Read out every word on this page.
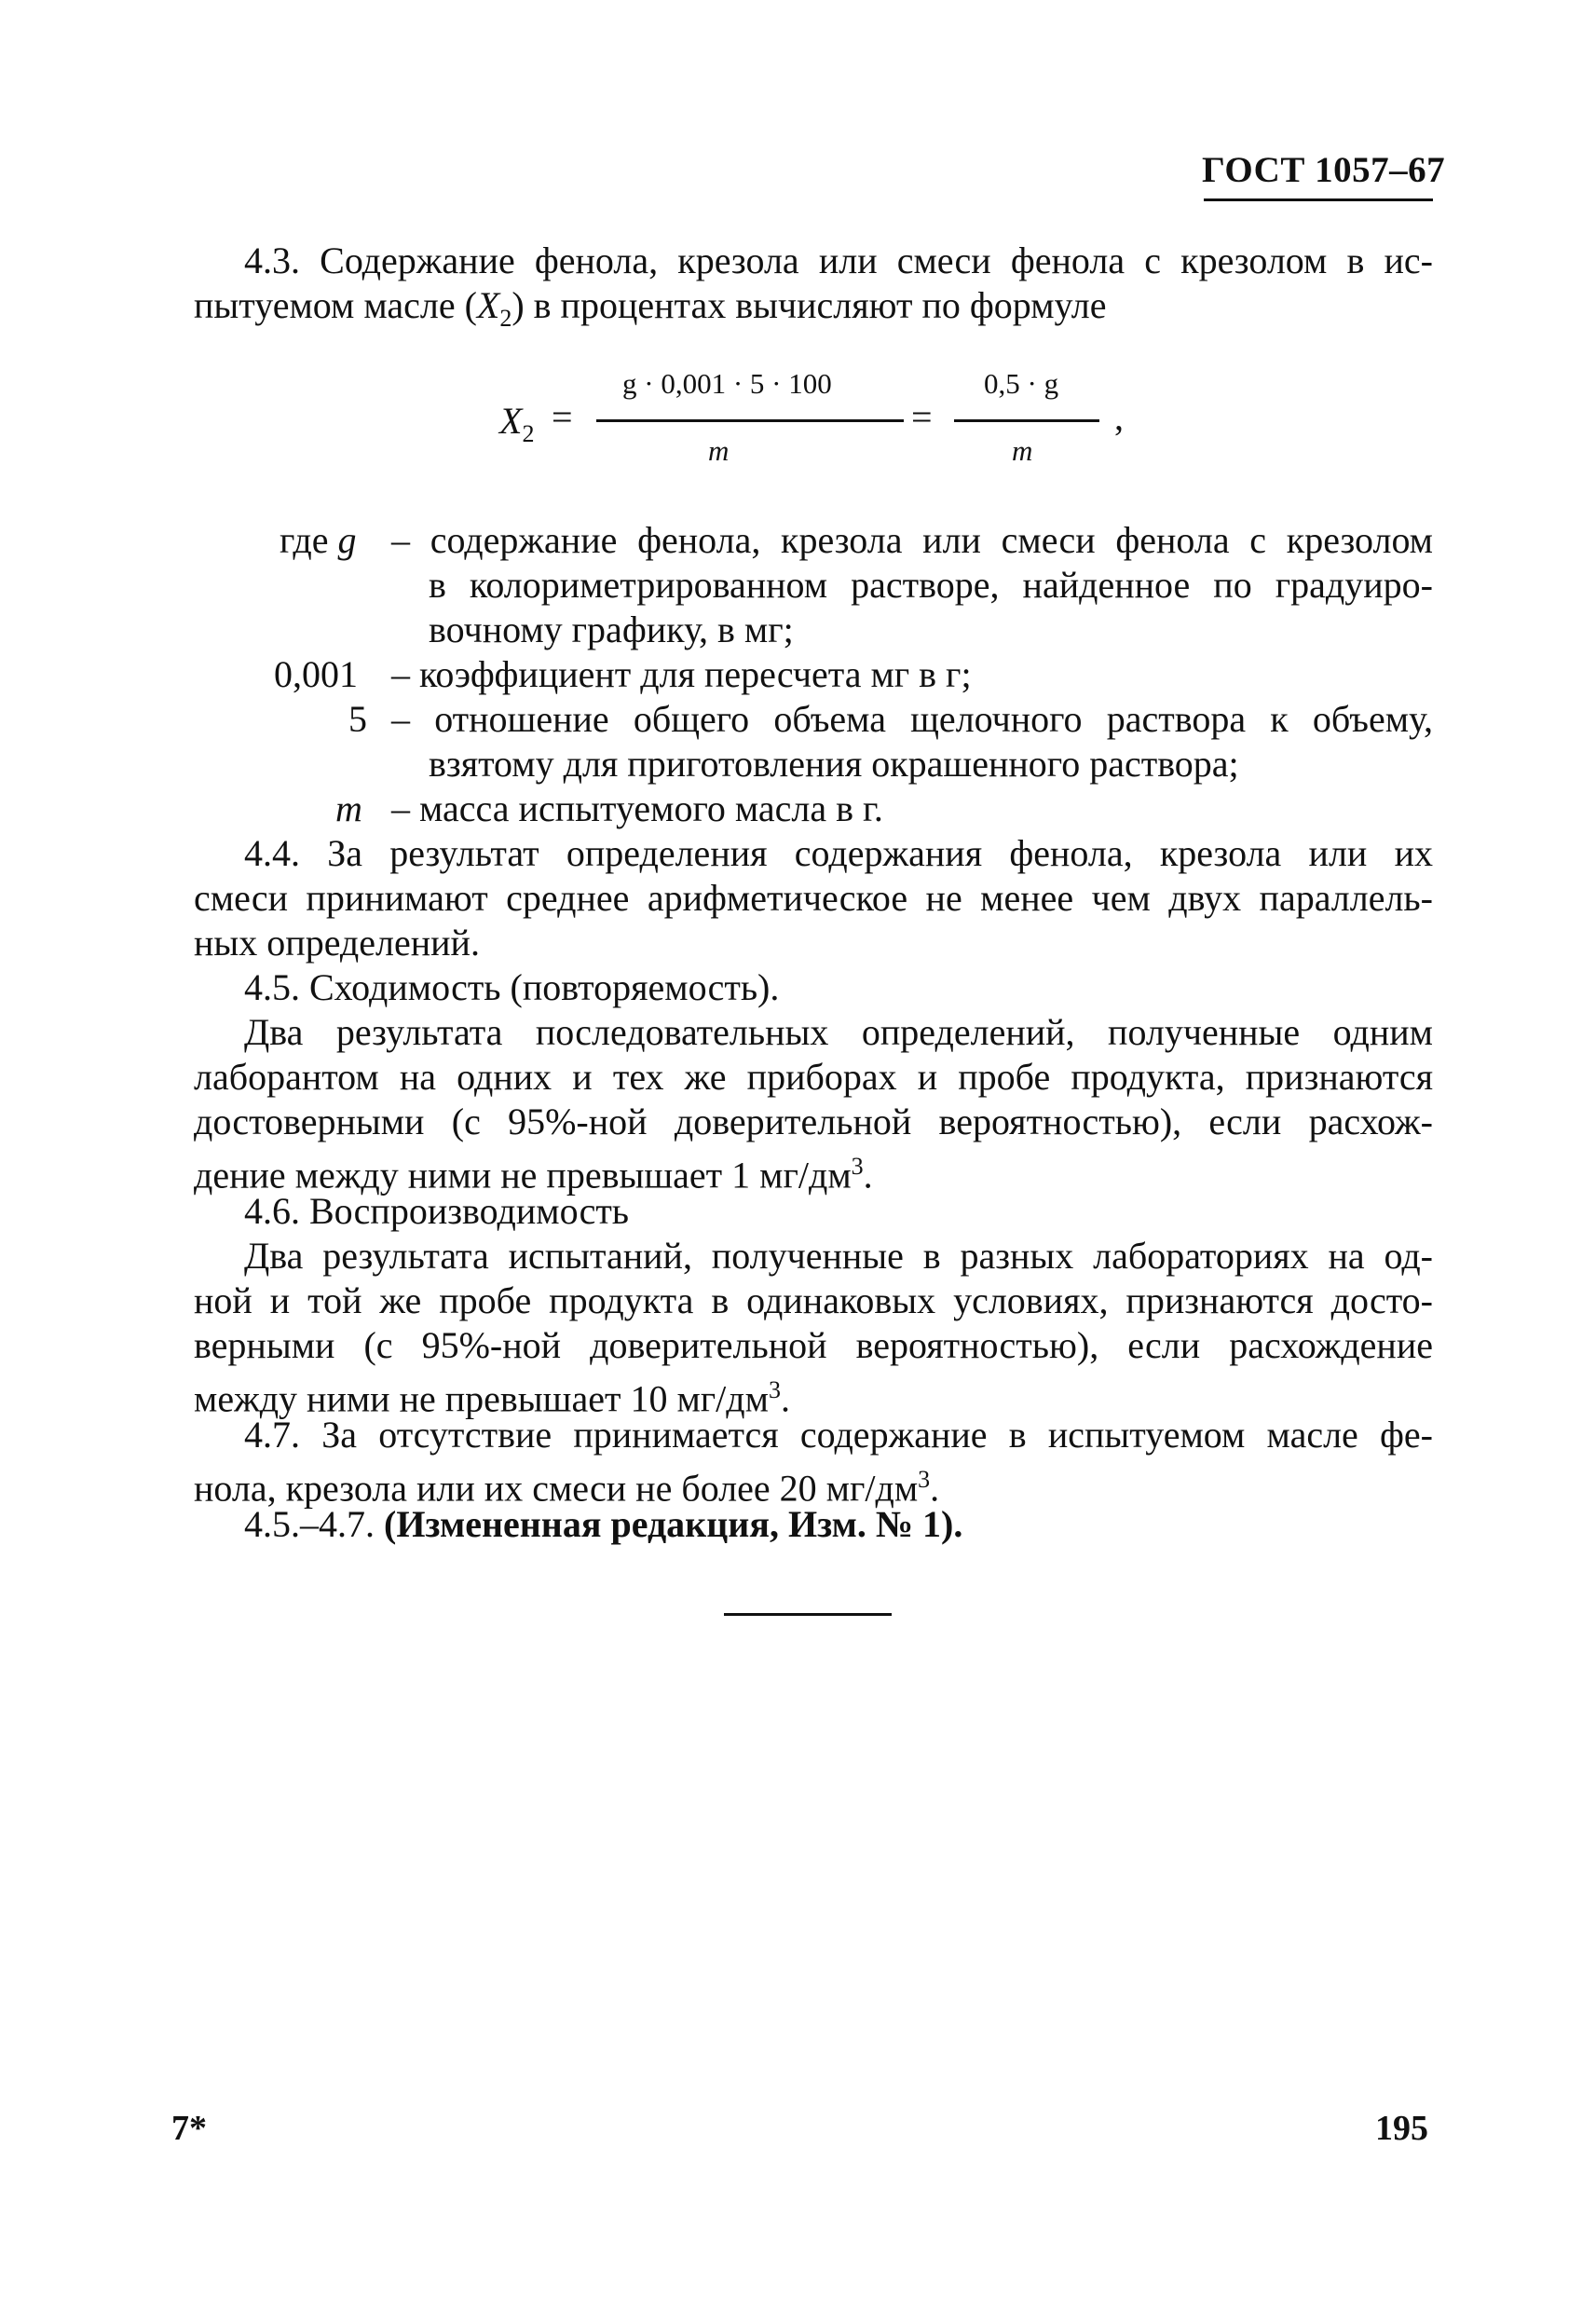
ГОСТ 1057–67
4.3. Содержание фенола, крезола или смеси фенола с крезолом в ис-
пытуемом масле $(X_2)$ в процентах вычисляют по формуле
$X_2$ =
g · 0,001 · 5 · 100
m
=
0,5 · g
m
,
где g – содержание фенола, крезола или смеси фенола с крезолом
в колориметрированном растворе, найденное по градуиро-
вочному графику, в мг;
0,001 – коэффициент для пересчета мг в г;
5 – отношение общего объема щелочного раствора к объему,
взятому для приготовления окрашенного раствора;
m – масса испытуемого масла в г.
4.4. За результат определения содержания фенола, крезола или их
смеси принимают среднее арифметическое не менее чем двух параллель-
ных определений.
4.5. Сходимость (повторяемость).
Два результата последовательных определений, полученные одним
лаборантом на одних и тех же приборах и пробе продукта, признаются
достоверными (с 95%-ной доверительной вероятностью), если расхож-
дение между ними не превышает 1 $мг/дм^3$.
4.6. Воспроизводимость
Два результата испытаний, полученные в разных лабораториях на од-
ной и той же пробе продукта в одинаковых условиях, признаются досто-
верными (с 95%-ной доверительной вероятностью), если расхождение
между ними не превышает 10 $мг/дм^3$.
4.7. За отсутствие принимается содержание в испытуемом масле фе-
нола, крезола или их смеси не более 20 $мг/дм^3$.
4.5.–4.7. (Измененная редакция, Изм. № 1).
7*	195
